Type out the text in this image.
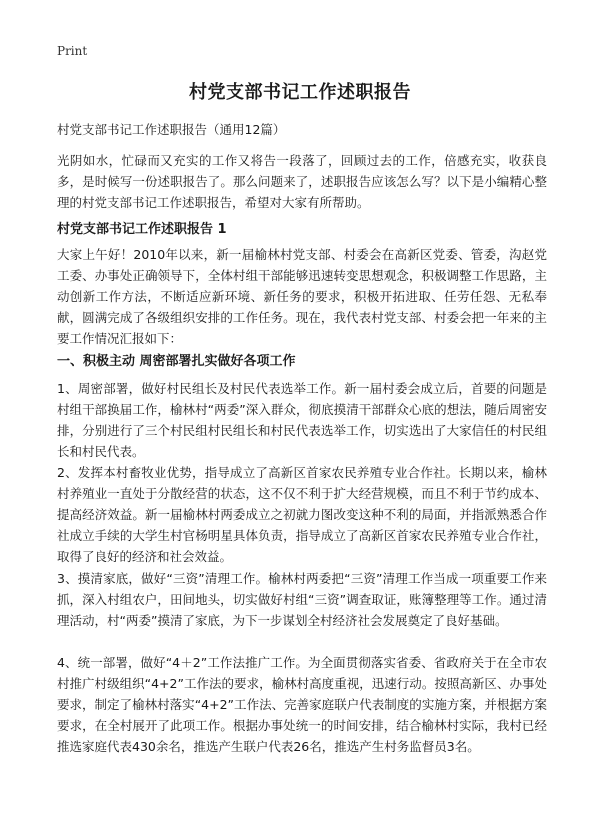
Print
村党支部书记工作述职报告

村党支部书记工作述职报告（通用12篇）

光阴如水，忙碌而又充实的工作又将告一段落了，回顾过去的工作，倍感充实，收获良多，是时候写一份述职报告了。那么问题来了，述职报告应该怎么写？以下是小编精心整理的村党支部书记工作述职报告，希望对大家有所帮助。

村党支部书记工作述职报告 1

大家上午好！2010年以来，新一届榆林村党支部、村委会在高新区党委、管委，沟赵党工委、办事处正确领导下，全体村组干部能够迅速转变思想观念，积极调整工作思路，主动创新工作方法，不断适应新环境、新任务的要求，积极开拓进取、任劳任怨、无私奉献，圆满完成了各级组织安排的工作任务。现在，我代表村党支部、村委会把一年来的主要工作情况汇报如下：

一、积极主动 周密部署扎实做好各项工作

1、周密部署，做好村民组长及村民代表选举工作。新一届村委会成立后，首要的问题是村组干部换届工作，榆林村“两委”深入群众，彻底摸清干部群众心底的想法，随后周密安排，分别进行了三个村民组村民组长和村民代表选举工作，切实选出了大家信任的村民组长和村民代表。

2、发挥本村畜牧业优势，指导成立了高新区首家农民养殖专业合作社。长期以来，榆林村养殖业一直处于分散经营的状态，这不仅不利于扩大经营规模，而且不利于节约成本、提高经济效益。新一届榆林村两委成立之初就力图改变这种不利的局面，并指派熟悉合作社成立手续的大学生村官杨明星具体负责，指导成立了高新区首家农民养殖专业合作社，取得了良好的经济和社会效益。

3、摸清家底，做好“三资”清理工作。榆林村两委把“三资”清理工作当成一项重要工作来抓，深入村组农户，田间地头，切实做好村组“三资”调查取证，账簿整理等工作。通过清理活动，村“两委”摸清了家底，为下一步谋划全村经济社会发展奠定了良好基础。

4、统一部署，做好“4＋2”工作法推广工作。为全面贯彻落实省委、省政府关于在全市农村推广村级组织“4+2”工作法的要求，榆林村高度重视，迅速行动。按照高新区、办事处要求，制定了榆林村落实“4+2”工作法、完善家庭联户代表制度的实施方案，并根据方案要求，在全村展开了此项工作。根据办事处统一的时间安排，结合榆林村实际，我村已经推选家庭代表430余名，推选产生联户代表26名，推选产生村务监督员3名。
